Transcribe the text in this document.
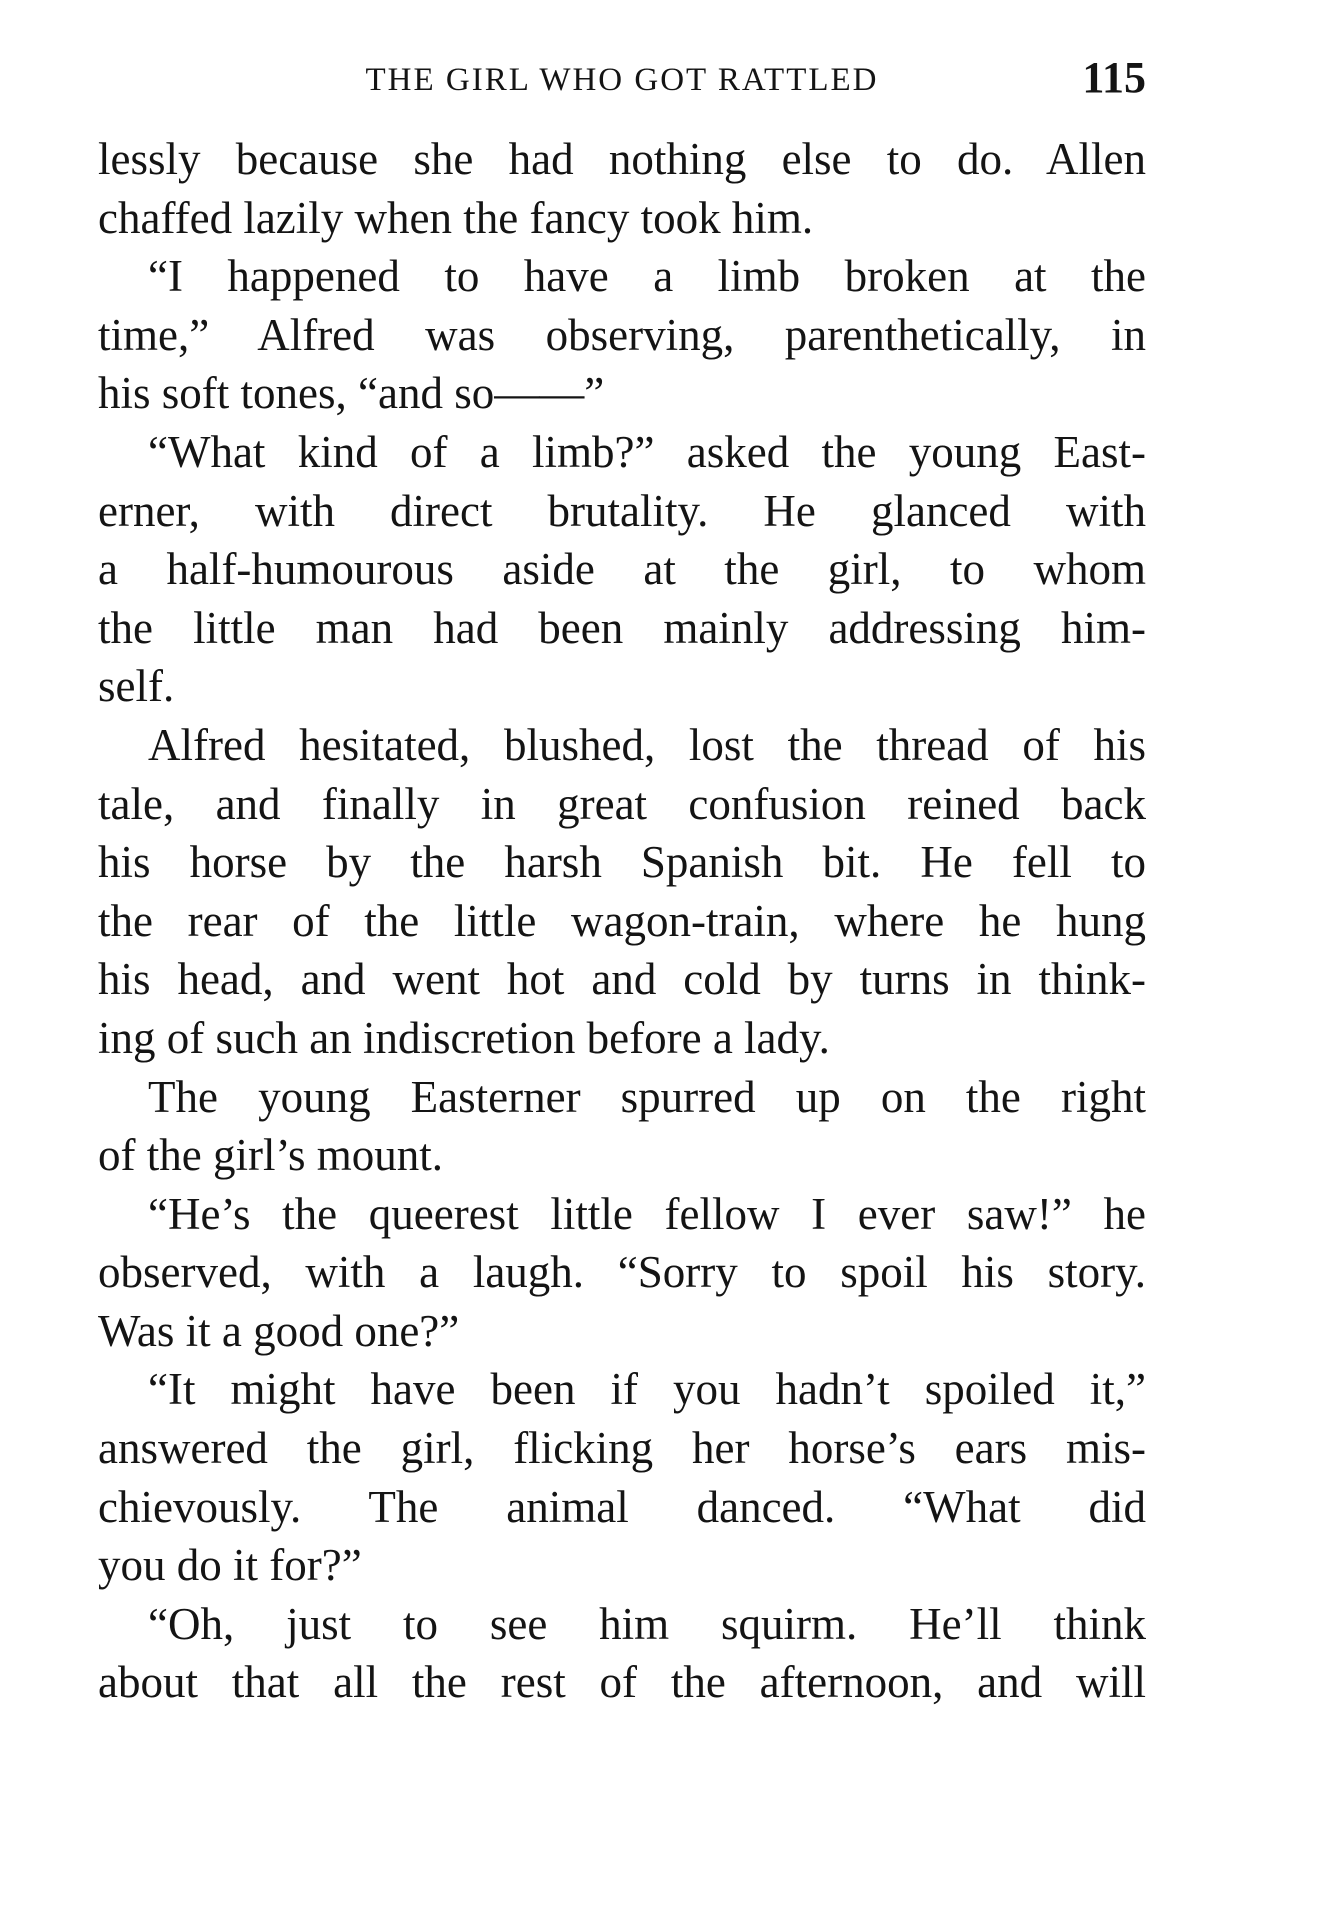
THE GIRL WHO GOT RATTLED	115
lessly because she had nothing else to do. Allen
chaffed lazily when the fancy took him.
“I happened to have a limb broken at the
time,” Alfred was observing, parenthetically, in
his soft tones, “and so——”
“What kind of a limb?” asked the young East-
erner, with direct brutality. He glanced with
a half-humourous aside at the girl, to whom
the little man had been mainly addressing him-
self.
Alfred hesitated, blushed, lost the thread of his
tale, and finally in great confusion reined back
his horse by the harsh Spanish bit. He fell to
the rear of the little wagon-train, where he hung
his head, and went hot and cold by turns in think-
ing of such an indiscretion before a lady.
The young Easterner spurred up on the right
of the girl’s mount.
“He’s the queerest little fellow I ever saw!” he
observed, with a laugh. “Sorry to spoil his story.
Was it a good one?”
“It might have been if you hadn’t spoiled it,”
answered the girl, flicking her horse’s ears mis-
chievously. The animal danced. “What did
you do it for?”
“Oh, just to see him squirm. He’ll think
about that all the rest of the afternoon, and will
